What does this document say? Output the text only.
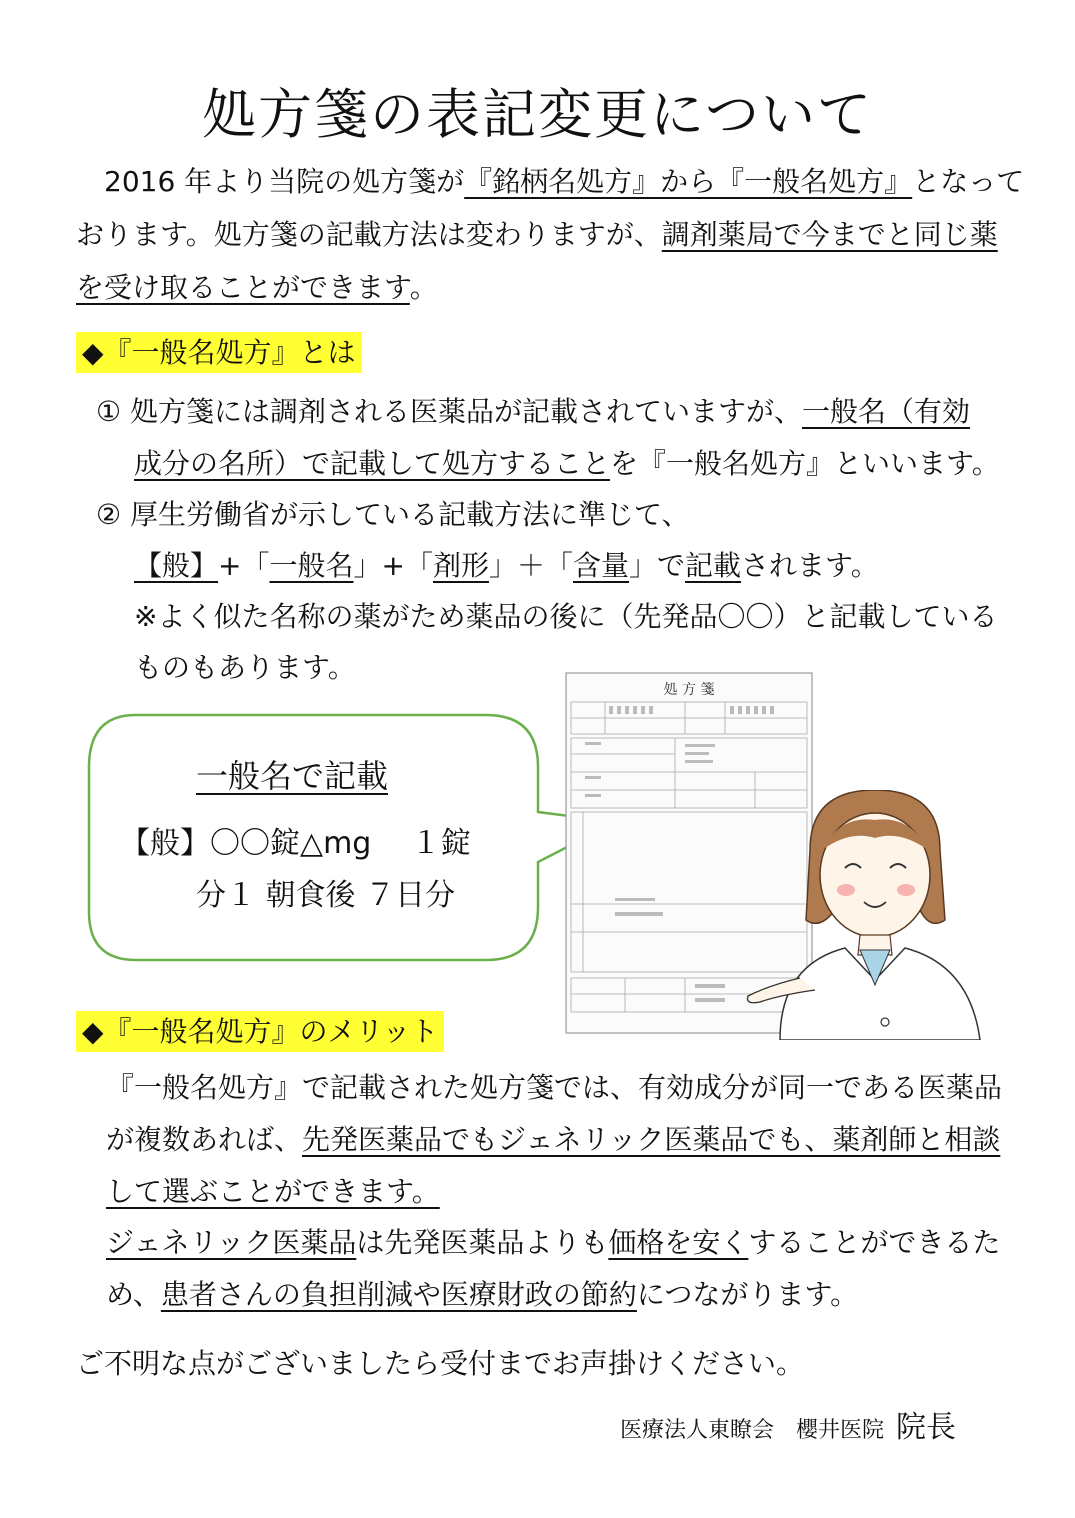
処方箋の表記変更について
　2016 年より当院の処方箋が『銘柄名処方』から『一般名処方』となって
おります。処方箋の記載方法は変わりますが、調剤薬局で今までと同じ薬
を受け取ることができます。
◆『一般名処方』とは
① 処方箋には調剤される医薬品が記載されていますが、一般名（有効
成分の名所）で記載して処方することを『一般名処方』といいます。
② 厚生労働省が示している記載方法に準じて、
【般】+「一般名」+「剤形」＋「含量」で記載されます。
※よく似た名称の薬がため薬品の後に（先発品〇〇）と記載している
ものもあります。
一般名で記載
【般】〇〇錠△mg　 １錠
分１ 朝食後 ７日分
処 方 箋
◆『一般名処方』のメリット
『一般名処方』で記載された処方箋では、有効成分が同一である医薬品
が複数あれば、先発医薬品でもジェネリック医薬品でも、薬剤師と相談
して選ぶことができます。
ジェネリック医薬品は先発医薬品よりも価格を安くすることができるた
め、患者さんの負担削減や医療財政の節約につながります。
ご不明な点がございましたら受付までお声掛けください。
医療法人東瞭会　櫻井医院 院長
